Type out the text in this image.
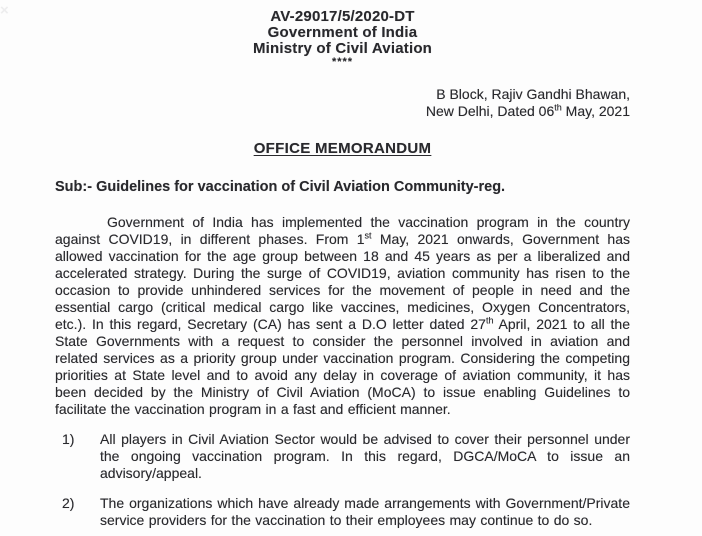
×	AV-29017/5/2020-DT
Government of India
Ministry of Civil Aviation
****
B Block, Rajiv Gandhi Bhawan,
New Delhi, Dated 06th May, 2021
OFFICE MEMORANDUM
Sub:- Guidelines for vaccination of Civil Aviation Community-reg.

Government of India has implemented the vaccination program in the country against COVID19, in different phases. From 1st May, 2021 onwards, Government has allowed vaccination for the age group between 18 and 45 years as per a liberalized and accelerated strategy. During the surge of COVID19, aviation community has risen to the occasion to provide unhindered services for the movement of people in need and the essential cargo (critical medical cargo like vaccines, medicines, Oxygen Concentrators, etc.). In this regard, Secretary (CA) has sent a D.O letter dated 27th April, 2021 to all the State Governments with a request to consider the personnel involved in aviation and related services as a priority group under vaccination program. Considering the competing priorities at State level and to avoid any delay in coverage of aviation community, it has been decided by the Ministry of Civil Aviation (MoCA) to issue enabling Guidelines to facilitate the vaccination program in a fast and efficient manner.

1)	All players in Civil Aviation Sector would be advised to cover their personnel under the ongoing vaccination program. In this regard, DGCA/MoCA to issue an advisory/appeal.
2)	The organizations which have already made arrangements with Government/Private service providers for the vaccination to their employees may continue to do so.
